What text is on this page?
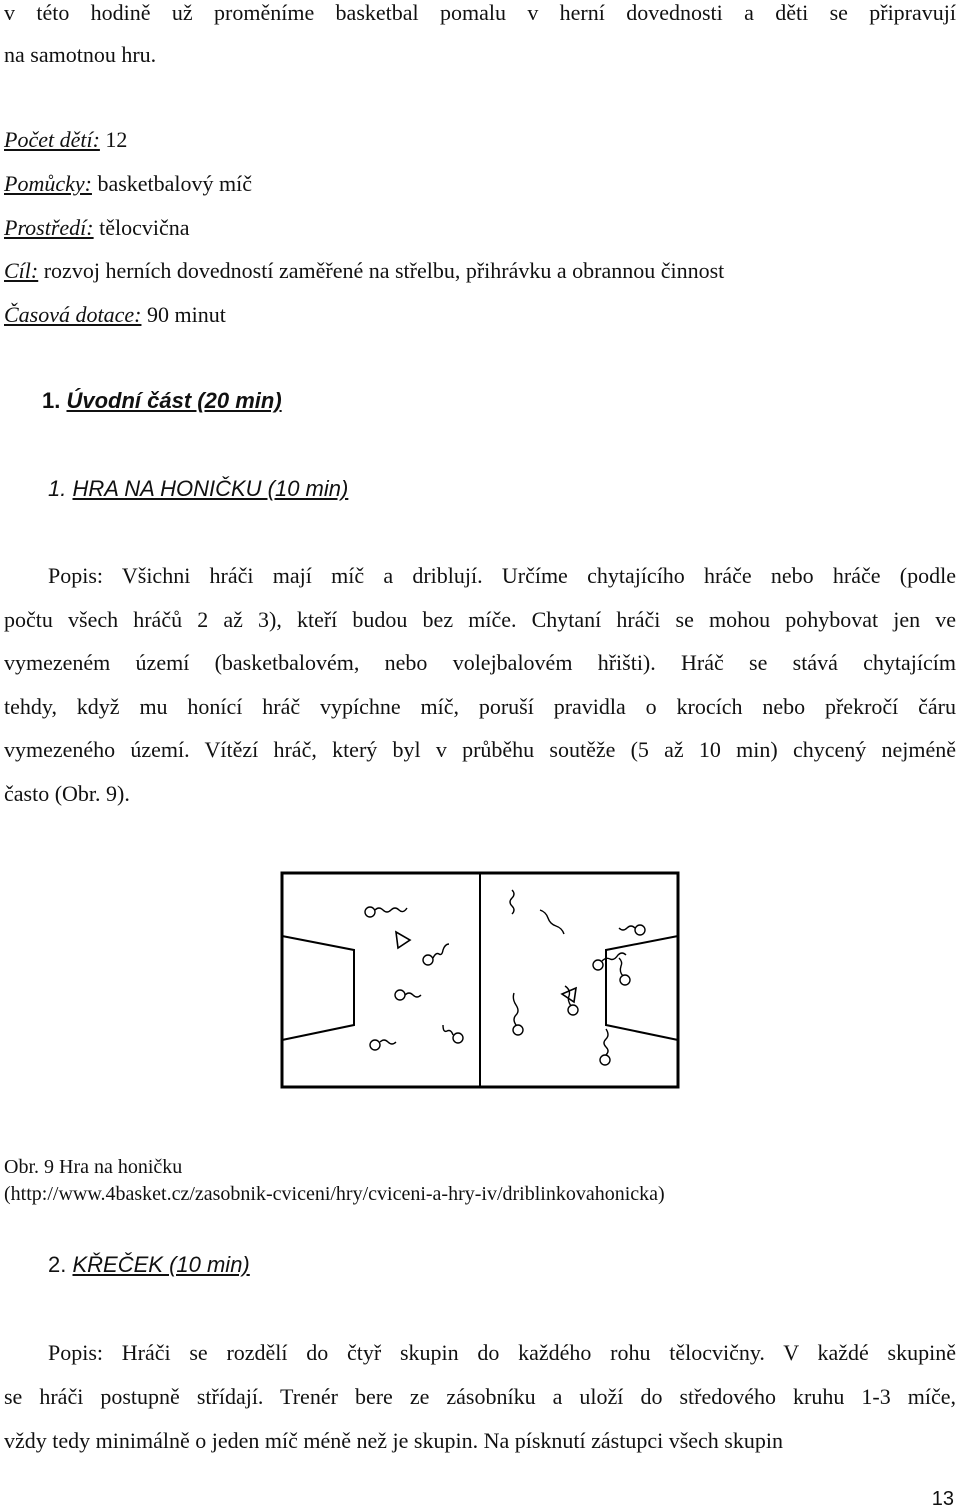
v této hodině už proměníme basketbal pomalu v herní dovednosti a děti se připravují
na samotnou hru.
Počet dětí: 12
Pomůcky: basketbalový míč
Prostředí: tělocvična
Cíl: rozvoj herních dovedností zaměřené na střelbu, přihrávku a obrannou činnost
Časová dotace: 90 minut
1. Úvodní část (20 min)
1. HRA NA HONIČKU (10 min)
Popis: Všichni hráči mají míč a driblují. Určíme chytajícího hráče nebo hráče (podle
počtu všech hráčů 2 až 3), kteří budou bez míče. Chytaní hráči se mohou pohybovat jen ve
vymezeném území (basketbalovém, nebo volejbalovém hřišti). Hráč se stává chytajícím
tehdy, když mu honící hráč vypíchne míč, poruší pravidla o krocích nebo překročí čáru
vymezeného území. Vítězí hráč, který byl v průběhu soutěže (5 až 10 min) chycený nejméně
často (Obr. 9).
Obr. 9 Hra na honičku
(http://www.4basket.cz/zasobnik-cviceni/hry/cviceni-a-hry-iv/driblinkovahonicka)
2. KŘEČEK (10 min)
Popis: Hráči se rozdělí do čtyř skupin do každého rohu tělocvičny. V každé skupině
se hráči postupně střídají. Trenér bere ze zásobníku a uloží do středového kruhu 1-3 míče,
vždy tedy minimálně o jeden míč méně než je skupin. Na písknutí zástupci všech skupin
13
